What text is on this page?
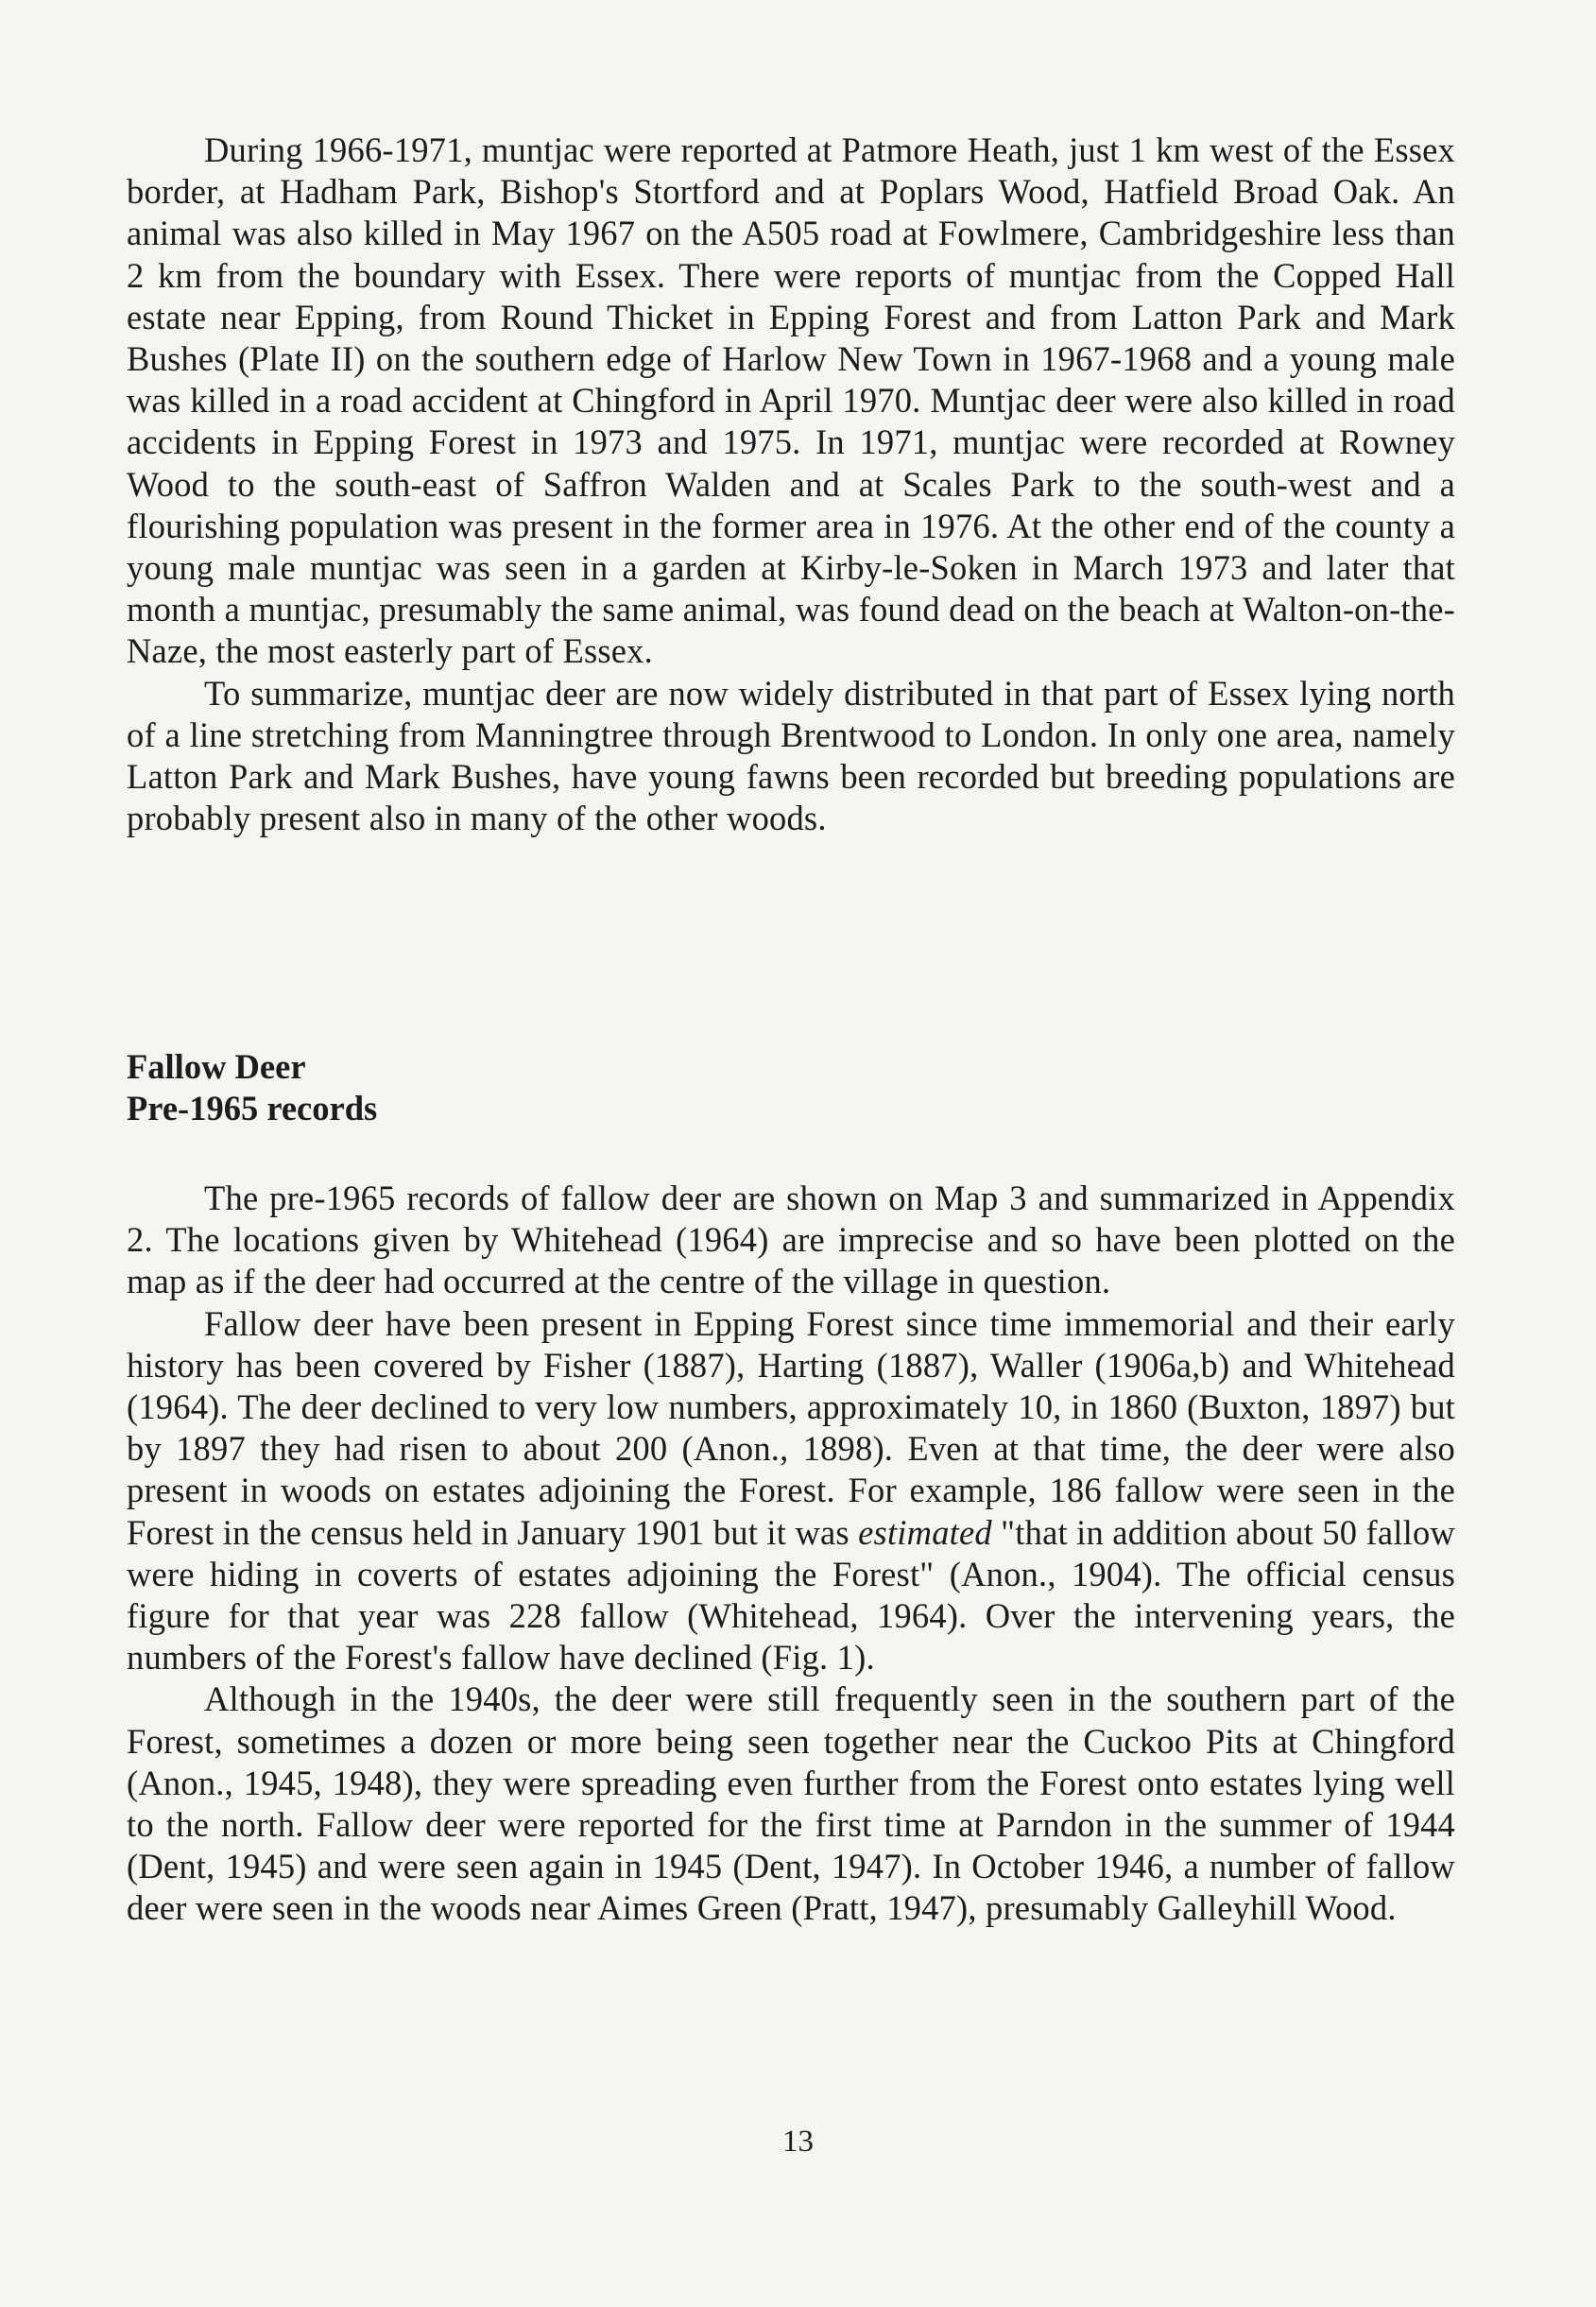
During 1966-1971, muntjac were reported at Patmore Heath, just 1 km west of the Essex border, at Hadham Park, Bishop's Stortford and at Poplars Wood, Hatfield Broad Oak. An animal was also killed in May 1967 on the A505 road at Fowlmere, Cambridgeshire less than 2 km from the boundary with Essex. There were reports of muntjac from the Copped Hall estate near Epping, from Round Thicket in Epping Forest and from Latton Park and Mark Bushes (Plate II) on the southern edge of Harlow New Town in 1967-1968 and a young male was killed in a road accident at Chingford in April 1970. Muntjac deer were also killed in road accidents in Epping Forest in 1973 and 1975. In 1971, muntjac were recorded at Rowney Wood to the south-east of Saffron Walden and at Scales Park to the south-west and a flourishing population was present in the former area in 1976. At the other end of the county a young male muntjac was seen in a garden at Kirby-le-Soken in March 1973 and later that month a muntjac, presumably the same animal, was found dead on the beach at Walton-on-the-Naze, the most easterly part of Essex.

To summarize, muntjac deer are now widely distributed in that part of Essex lying north of a line stretching from Manningtree through Brentwood to London. In only one area, namely Latton Park and Mark Bushes, have young fawns been recorded but breeding populations are probably present also in many of the other woods.

Fallow Deer
Pre-1965 records

The pre-1965 records of fallow deer are shown on Map 3 and summarized in Appendix 2. The locations given by Whitehead (1964) are imprecise and so have been plotted on the map as if the deer had occurred at the centre of the village in question.

Fallow deer have been present in Epping Forest since time immemorial and their early history has been covered by Fisher (1887), Harting (1887), Waller (1906a,b) and Whitehead (1964). The deer declined to very low numbers, approximately 10, in 1860 (Buxton, 1897) but by 1897 they had risen to about 200 (Anon., 1898). Even at that time, the deer were also present in woods on estates adjoining the Forest. For example, 186 fallow were seen in the Forest in the census held in January 1901 but it was estimated "that in addition about 50 fallow were hiding in coverts of estates adjoining the Forest" (Anon., 1904). The official census figure for that year was 228 fallow (Whitehead, 1964). Over the intervening years, the numbers of the Forest's fallow have declined (Fig. 1).

Although in the 1940s, the deer were still frequently seen in the southern part of the Forest, sometimes a dozen or more being seen together near the Cuckoo Pits at Chingford (Anon., 1945, 1948), they were spreading even further from the Forest onto estates lying well to the north. Fallow deer were reported for the first time at Parndon in the summer of 1944 (Dent, 1945) and were seen again in 1945 (Dent, 1947). In October 1946, a number of fallow deer were seen in the woods near Aimes Green (Pratt, 1947), presumably Galleyhill Wood.

13
